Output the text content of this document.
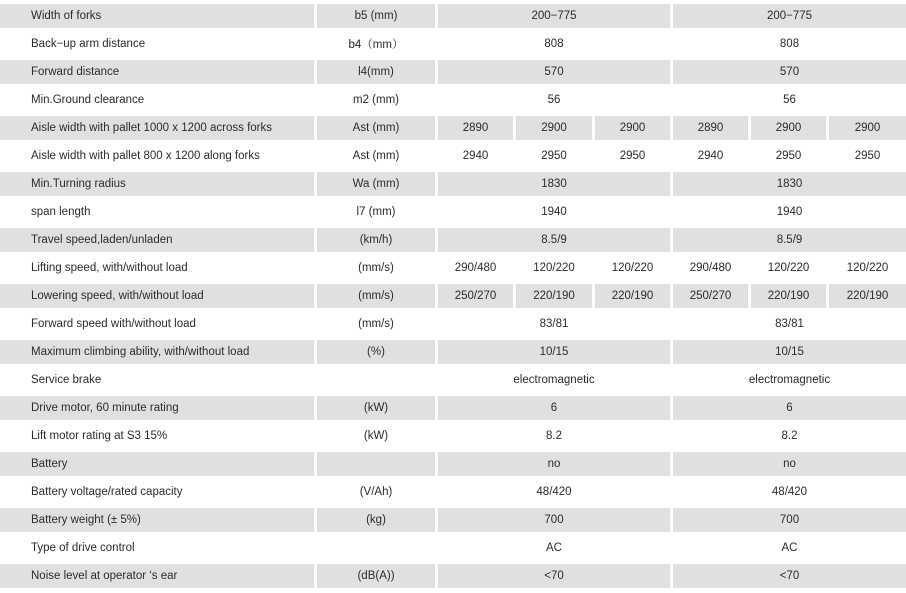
Width of forks	b5 (mm)	200−775			200−775		
Back−up arm distance	b4（mm）	808			808		
Forward distance	l4(mm)	570			570		
Min.Ground clearance	m2 (mm)	56			56		
Aisle width with pallet 1000 x 1200 across forks	Ast (mm)	2890	2900	2900	2890	2900	2900
Aisle width with pallet 800 x 1200 along forks	Ast (mm)	2940	2950	2950	2940	2950	2950
Min.Turning radius	Wa (mm)	1830			1830		
span length	l7 (mm)	1940			1940		
Travel speed,laden/unladen	(km/h)	8.5/9			8.5/9		
Lifting speed, with/without load	(mm/s)	290/480	120/220	120/220	290/480	120/220	120/220
Lowering speed, with/without load	(mm/s)	250/270	220/190	220/190	250/270	220/190	220/190
Forward speed with/without load	(mm/s)	83/81			83/81		
Maximum climbing ability, with/without load	(%)	10/15			10/15		
Service brake		electromagnetic			electromagnetic		
Drive motor, 60 minute rating	(kW)	6			6		
Lift motor rating at S3 15%	(kW)	8.2			8.2		
Battery		no			no		
Battery voltage/rated capacity	(V/Ah)	48/420			48/420		
Battery weight (± 5%)	(kg)	700			700		
Type of drive control		AC			AC		
Noise level at operator ‘s ear	(dB(A))	<70			<70		
